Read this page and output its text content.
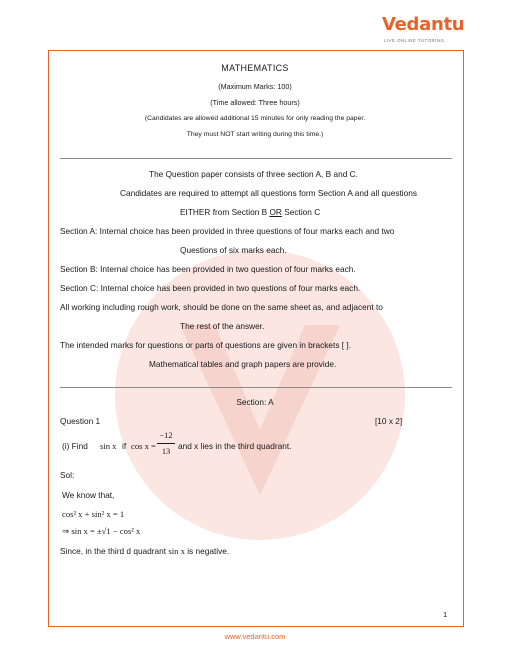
Vedantu
LIVE ONLINE TUTORING
MATHEMATICS
(Maximum Marks: 100)
(Time allowed: Three hours)
(Candidates are allowed additional 15 minutes for only reading the paper.
They must NOT start writing during this time.)
The Question paper consists of three section A, B and C.
Candidates are required to attempt all questions form Section A and all questions
EITHER from Section B OR Section C
Section A: Internal choice has been provided in three questions of four marks each and two
Questions of six marks each.
Section B: Internal choice has been provided in two question of four marks each.
Section C: Internal choice has been provided in two questions of four marks each.
All working including rough work, should be done on the same sheet as, and adjacent to
The rest of the answer.
The intended marks for questions or parts of questions are given in brackets [ ].
Mathematical tables and graph papers are provide.
Section: A
Question 1	[10 x 2]
(i) Find sin x if cos x =
−12
13
and x lies in the third quadrant.
Sol:
We know that,
cos² x + sin² x = 1
⇒ sin x = ±√1 − cos² x
Since, in the third d quadrant sin x is negative.
1
www.vedantu.com
